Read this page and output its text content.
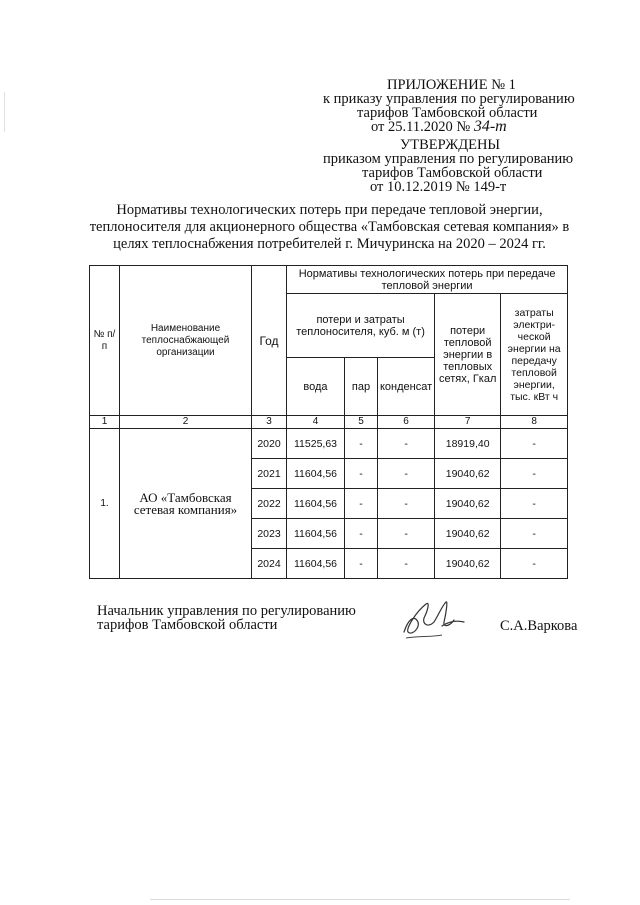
ПРИЛОЖЕНИЕ № 1
к приказу управления по регулированию
тарифов Тамбовской области
от 25.11.2020 № 34-т
УТВЕРЖДЕНЫ
приказом управления по регулированию
тарифов Тамбовской области
от 10.12.2019 № 149-т
Нормативы технологических потерь при передаче тепловой энергии,
теплоносителя для акционерного общества «Тамбовская сетевая компания» в
целях теплоснабжения потребителей г. Мичуринска на 2020 – 2024 гг.
№ п/п	Наименование теплоснабжающей организации	Год	Нормативы технологических потерь при передаче тепловой энергии				
			потери и затраты теплоносителя, куб. м (т)			потери тепловой энергии в тепловых сетях, Гкал	затраты электри-ческой энергии на передачу тепловой энергии, тыс. кВт ч
			вода	пар	конденсат		
1	2	3	4	5	6	7	8
1.	АО «Тамбовская сетевая компания»	2020	11525,63	-	-	18919,40	-
		2021	11604,56	-	-	19040,62	-
		2022	11604,56	-	-	19040,62	-
		2023	11604,56	-	-	19040,62	-
		2024	11604,56	-	-	19040,62	-
Начальник управления по регулированию
тарифов Тамбовской области	С.А.Варкова
